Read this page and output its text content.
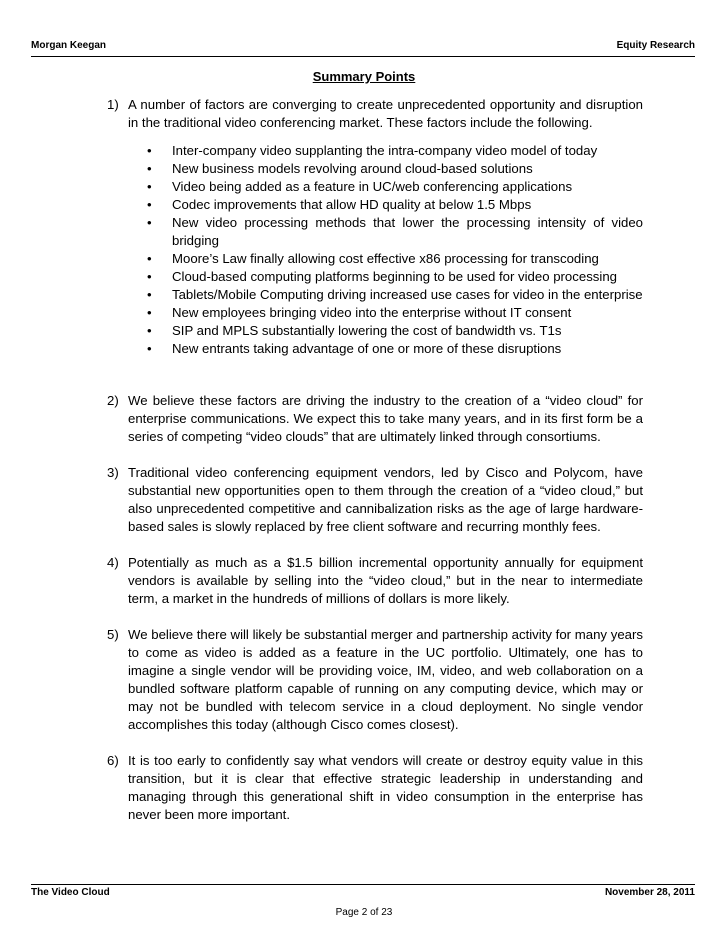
Morgan Keegan	Equity Research
Summary Points
1) A number of factors are converging to create unprecedented opportunity and disruption in the traditional video conferencing market. These factors include the following.
• Inter-company video supplanting the intra-company video model of today
• New business models revolving around cloud-based solutions
• Video being added as a feature in UC/web conferencing applications
• Codec improvements that allow HD quality at below 1.5 Mbps
• New video processing methods that lower the processing intensity of video bridging
• Moore’s Law finally allowing cost effective x86 processing for transcoding
• Cloud-based computing platforms beginning to be used for video processing
• Tablets/Mobile Computing driving increased use cases for video in the enterprise
• New employees bringing video into the enterprise without IT consent
• SIP and MPLS substantially lowering the cost of bandwidth vs. T1s
• New entrants taking advantage of one or more of these disruptions
2) We believe these factors are driving the industry to the creation of a “video cloud” for enterprise communications. We expect this to take many years, and in its first form be a series of competing “video clouds” that are ultimately linked through consortiums.
3) Traditional video conferencing equipment vendors, led by Cisco and Polycom, have substantial new opportunities open to them through the creation of a “video cloud,” but also unprecedented competitive and cannibalization risks as the age of large hardware-based sales is slowly replaced by free client software and recurring monthly fees.
4) Potentially as much as a $1.5 billion incremental opportunity annually for equipment vendors is available by selling into the “video cloud,” but in the near to intermediate term, a market in the hundreds of millions of dollars is more likely.
5) We believe there will likely be substantial merger and partnership activity for many years to come as video is added as a feature in the UC portfolio. Ultimately, one has to imagine a single vendor will be providing voice, IM, video, and web collaboration on a bundled software platform capable of running on any computing device, which may or may not be bundled with telecom service in a cloud deployment. No single vendor accomplishes this today (although Cisco comes closest).
6) It is too early to confidently say what vendors will create or destroy equity value in this transition, but it is clear that effective strategic leadership in understanding and managing through this generational shift in video consumption in the enterprise has never been more important.
The Video Cloud	November 28, 2011
Page 2 of 23
